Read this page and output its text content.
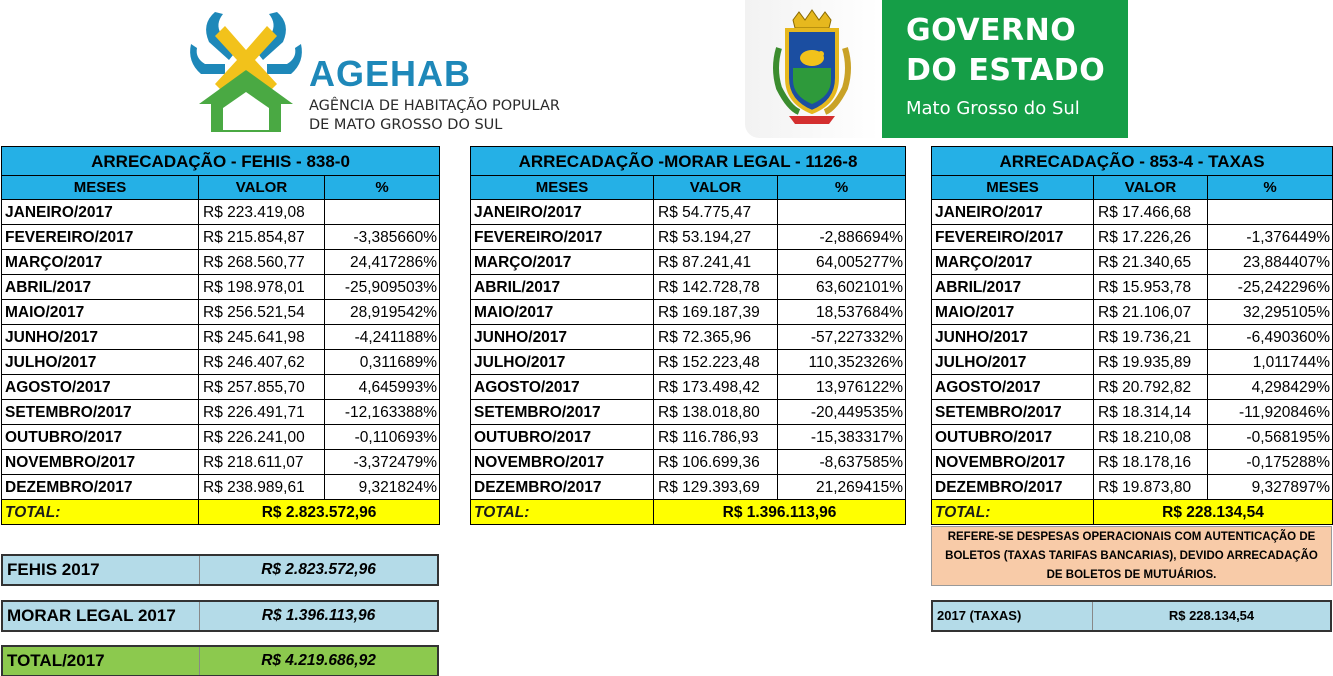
AGEHAB
AGÊNCIA DE HABITAÇÃO POPULAR
DE MATO GROSSO DO SUL
GOVERNO
DO ESTADO
Mato Grosso do Sul
ARRECADAÇÃO - FEHIS - 838-0		
MESES	VALOR	%
JANEIRO/2017	R$ 223.419,08	
FEVEREIRO/2017	R$ 215.854,87	-3,385660%
MARÇO/2017	R$ 268.560,77	24,417286%
ABRIL/2017	R$ 198.978,01	-25,909503%
MAIO/2017	R$ 256.521,54	28,919542%
JUNHO/2017	R$ 245.641,98	-4,241188%
JULHO/2017	R$ 246.407,62	0,311689%
AGOSTO/2017	R$ 257.855,70	4,645993%
SETEMBRO/2017	R$ 226.491,71	-12,163388%
OUTUBRO/2017	R$ 226.241,00	-0,110693%
NOVEMBRO/2017	R$ 218.611,07	-3,372479%
DEZEMBRO/2017	R$ 238.989,61	9,321824%
TOTAL:	R$ 2.823.572,96	
ARRECADAÇÃO -MORAR LEGAL - 1126-8		
MESES	VALOR	%
JANEIRO/2017	R$ 54.775,47	
FEVEREIRO/2017	R$ 53.194,27	-2,886694%
MARÇO/2017	R$ 87.241,41	64,005277%
ABRIL/2017	R$ 142.728,78	63,602101%
MAIO/2017	R$ 169.187,39	18,537684%
JUNHO/2017	R$ 72.365,96	-57,227332%
JULHO/2017	R$ 152.223,48	110,352326%
AGOSTO/2017	R$ 173.498,42	13,976122%
SETEMBRO/2017	R$ 138.018,80	-20,449535%
OUTUBRO/2017	R$ 116.786,93	-15,383317%
NOVEMBRO/2017	R$ 106.699,36	-8,637585%
DEZEMBRO/2017	R$ 129.393,69	21,269415%
TOTAL:	R$ 1.396.113,96	
ARRECADAÇÃO - 853-4 - TAXAS		
MESES	VALOR	%
JANEIRO/2017	R$ 17.466,68	
FEVEREIRO/2017	R$ 17.226,26	-1,376449%
MARÇO/2017	R$ 21.340,65	23,884407%
ABRIL/2017	R$ 15.953,78	-25,242296%
MAIO/2017	R$ 21.106,07	32,295105%
JUNHO/2017	R$ 19.736,21	-6,490360%
JULHO/2017	R$ 19.935,89	1,011744%
AGOSTO/2017	R$ 20.792,82	4,298429%
SETEMBRO/2017	R$ 18.314,14	-11,920846%
OUTUBRO/2017	R$ 18.210,08	-0,568195%
NOVEMBRO/2017	R$ 18.178,16	-0,175288%
DEZEMBRO/2017	R$ 19.873,80	9,327897%
TOTAL:	R$ 228.134,54	
FEHIS 2017	R$ 2.823.572,96
MORAR LEGAL 2017	R$ 1.396.113,96
TOTAL/2017	R$ 4.219.686,92
REFERE-SE DESPESAS OPERACIONAIS COM AUTENTICAÇÃO DE
BOLETOS (TAXAS TARIFAS BANCARIAS), DEVIDO ARRECADAÇÃO
DE BOLETOS DE MUTUÁRIOS.
2017 (TAXAS)	R$ 228.134,54
